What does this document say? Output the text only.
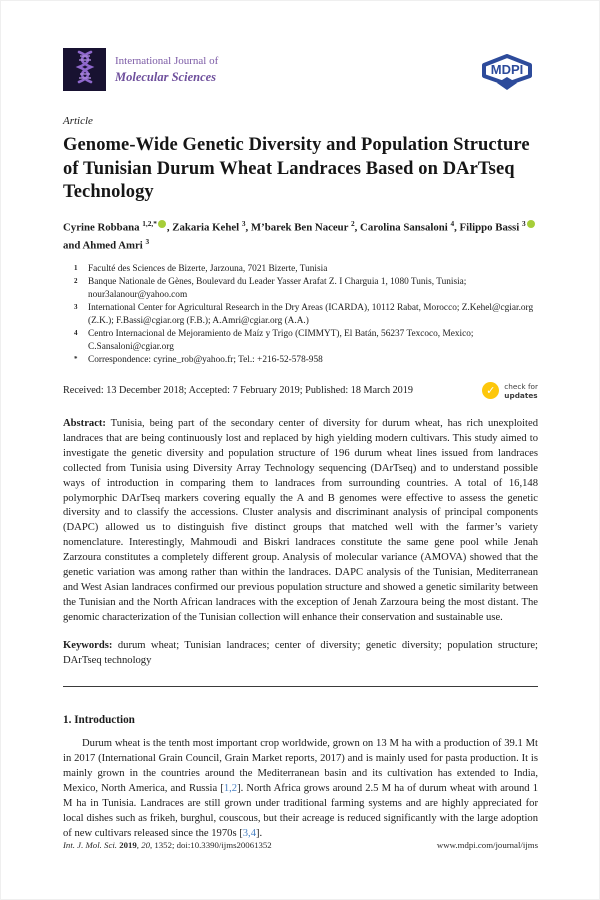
International Journal of
Molecular Sciences	MDPI
Article
Genome-Wide Genetic Diversity and Population Structure of Tunisian Durum Wheat Landraces Based on DArTseq Technology
Cyrine Robbana $^{1,2,*}$ , Zakaria Kehel $^3$, M’barek Ben Naceur $^2$, Carolina Sansaloni $^4$, Filippo Bassi $^3$ and Ahmed Amri $^3$
1	Faculté des Sciences de Bizerte, Jarzouna, 7021 Bizerte, Tunisia
2	Banque Nationale de Gènes, Boulevard du Leader Yasser Arafat Z. I Charguia 1, 1080 Tunis, Tunisia; nour3alanour@yahoo.com
3	International Center for Agricultural Research in the Dry Areas (ICARDA), 10112 Rabat, Morocco; Z.Kehel@cgiar.org (Z.K.); F.Bassi@cgiar.org (F.B.); A.Amri@cgiar.org (A.A.)
4	Centro Internacional de Mejoramiento de Maíz y Trigo (CIMMYT), El Batán, 56237 Texcoco, Mexico; C.Sansaloni@cgiar.org
*	Correspondence: cyrine_rob@yahoo.fr; Tel.: +216-52-578-958
Received: 13 December 2018; Accepted: 7 February 2019; Published: 18 March 2019	✓ check for
updates

Abstract: Tunisia, being part of the secondary center of diversity for durum wheat, has rich unexploited landraces that are being continuously lost and replaced by high yielding modern cultivars. This study aimed to investigate the genetic diversity and population structure of 196 durum wheat lines issued from landraces collected from Tunisia using Diversity Array Technology sequencing (DArTseq) and to understand possible ways of introduction in comparing them to landraces from surrounding countries. A total of 16,148 polymorphic DArTseq markers covering equally the A and B genomes were effective to assess the genetic diversity and to classify the accessions. Cluster analysis and discriminant analysis of principal components (DAPC) allowed us to distinguish five distinct groups that matched well with the farmer’s variety nomenclature. Interestingly, Mahmoudi and Biskri landraces constitute the same gene pool while Jenah Zarzoura constitutes a completely different group. Analysis of molecular variance (AMOVA) showed that the genetic variation was among rather than within the landraces. DAPC analysis of the Tunisian, Mediterranean and West Asian landraces confirmed our previous population structure and showed a genetic similarity between the Tunisian and the North African landraces with the exception of Jenah Zarzoura being the most distant. The genomic characterization of the Tunisian collection will enhance their conservation and sustainable use.

Keywords: durum wheat; Tunisian landraces; center of diversity; genetic diversity; population structure; DArTseq technology

1. Introduction

Durum wheat is the tenth most important crop worldwide, grown on 13 M ha with a production of 39.1 Mt in 2017 (International Grain Council, Grain Market reports, 2017) and is mainly used for pasta production. It is mainly grown in the countries around the Mediterranean basin and its cultivation has extended to India, Mexico, North America, and Russia [1,2]. North Africa grows around 2.5 M ha of durum wheat with around 1 M ha in Tunisia. Landraces are still grown under traditional farming systems and are highly appreciated for local dishes such as frikeh, burghul, couscous, but their acreage is reduced significantly with the large adoption of new cultivars released since the 1970s [3,4].

Int. J. Mol. Sci. 2019, 20, 1352; doi:10.3390/ijms20061352	www.mdpi.com/journal/ijms
